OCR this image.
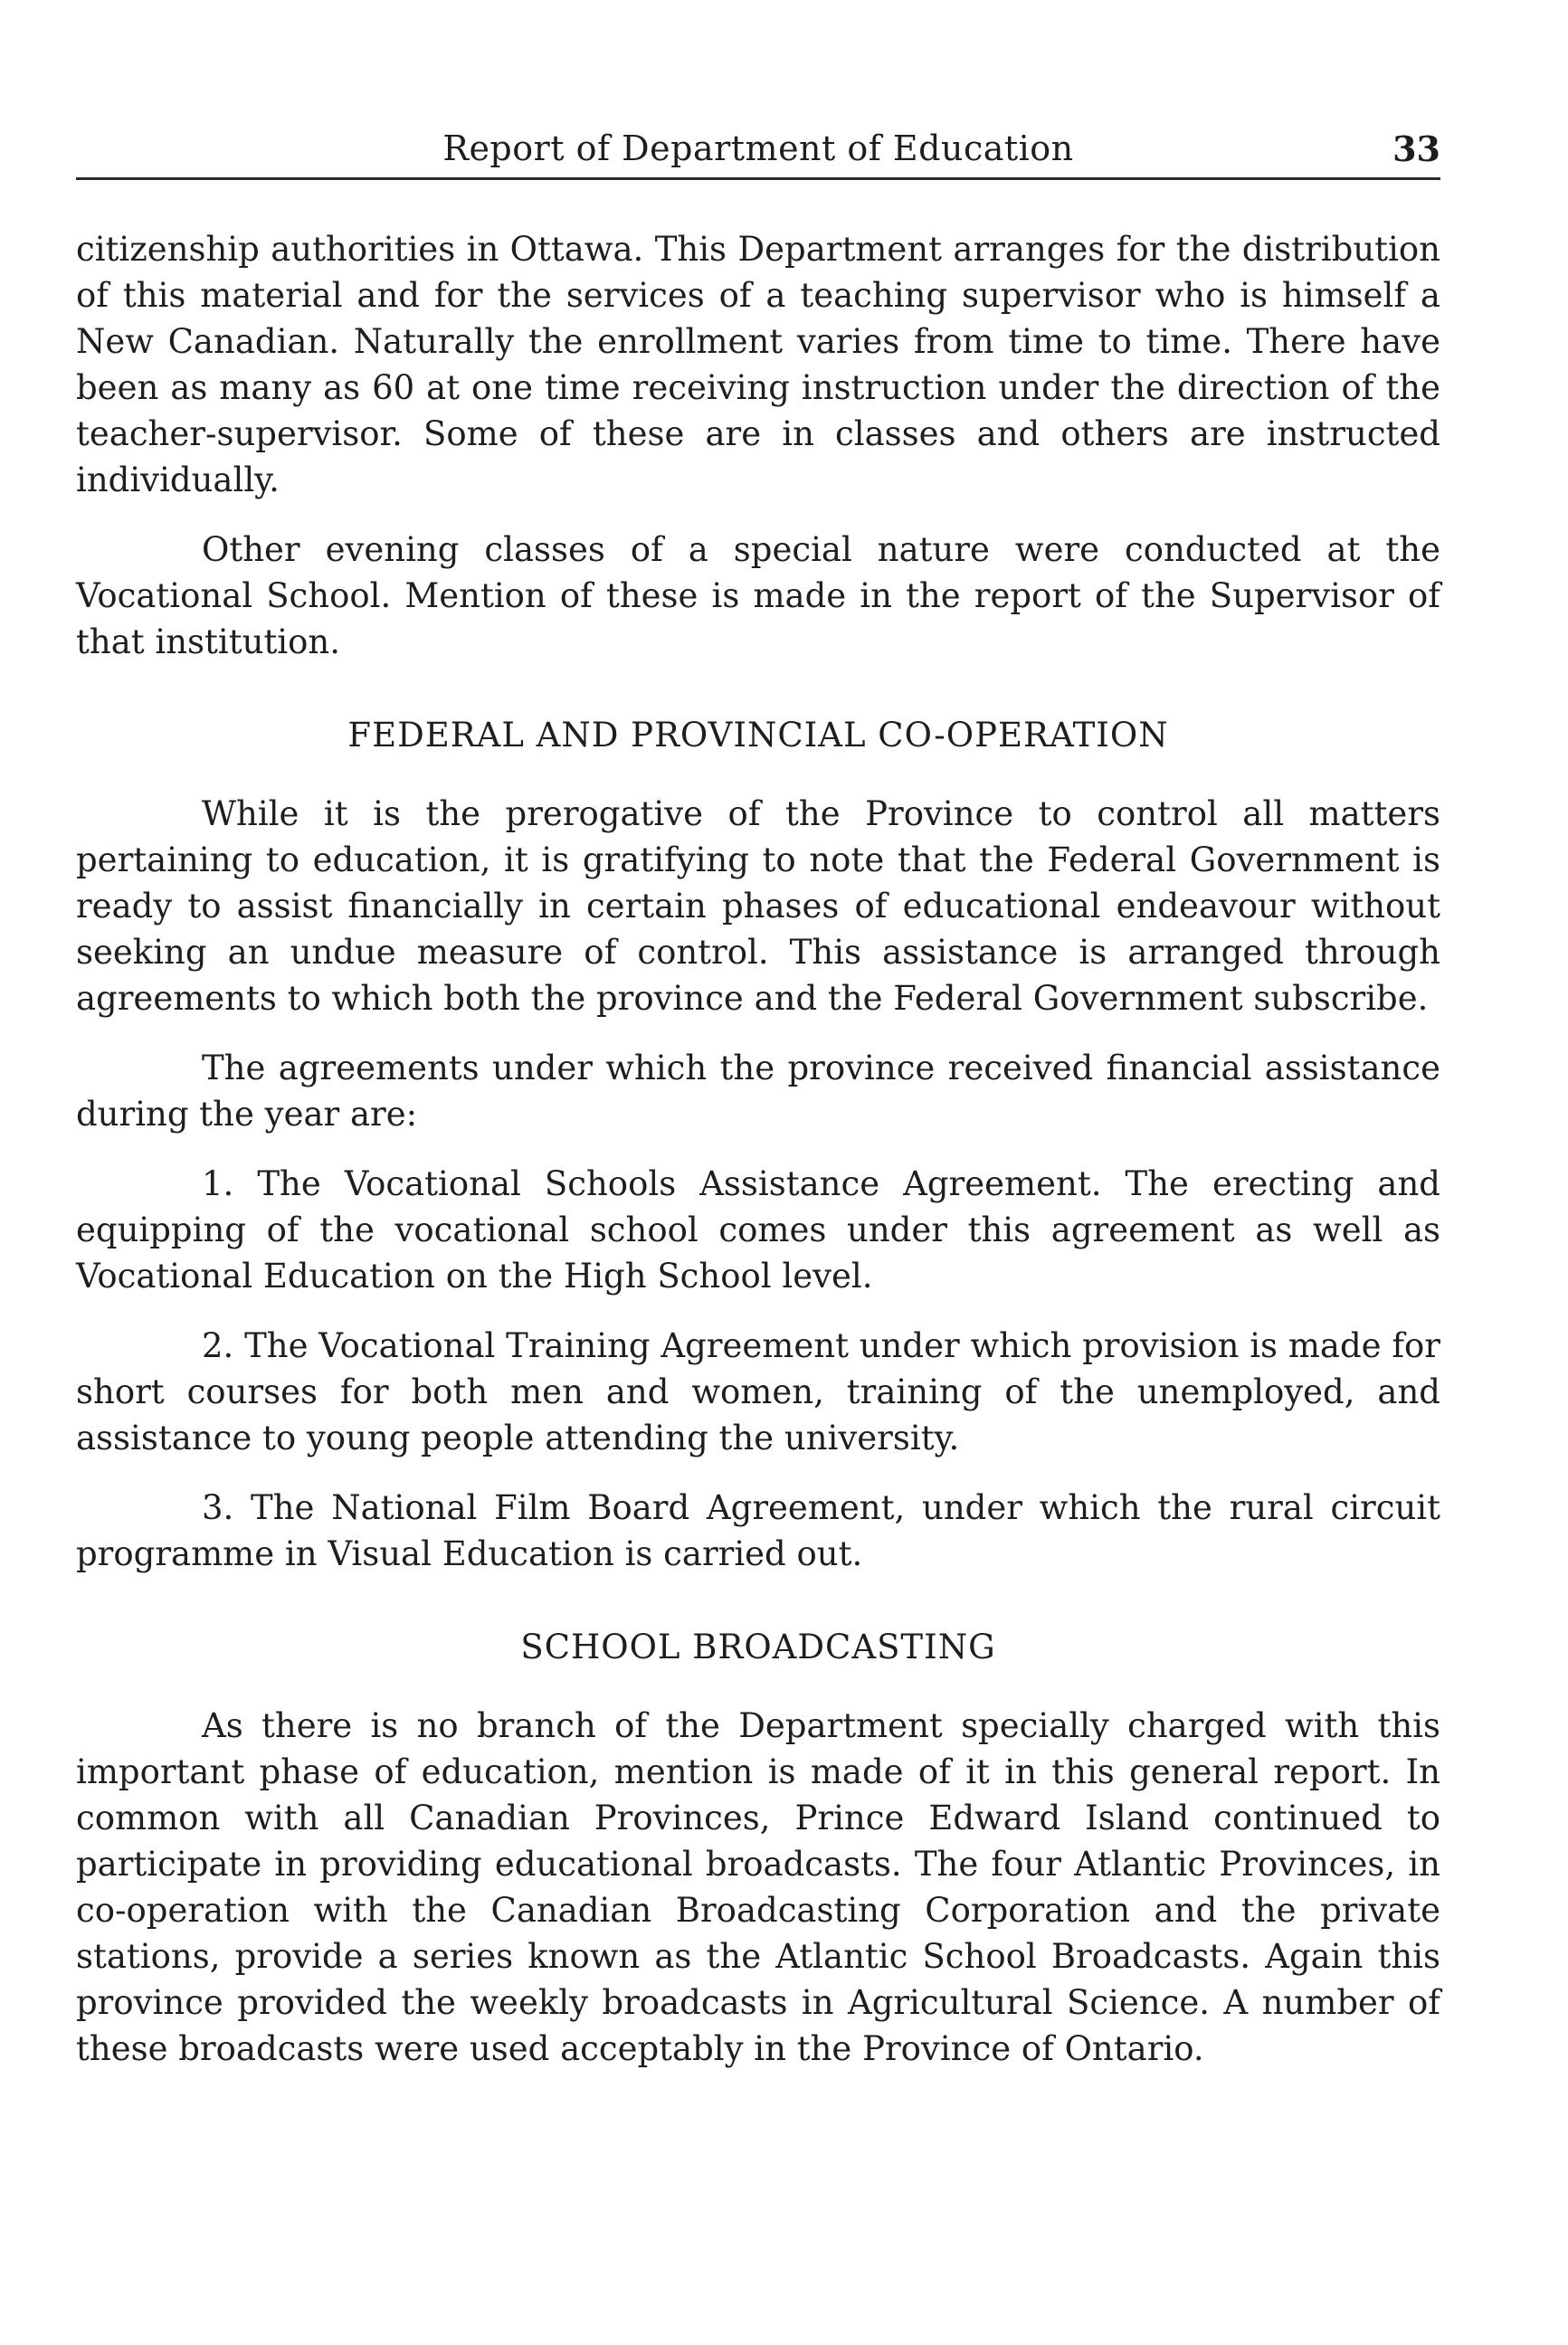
Report of Department of Education	33

citizenship authorities in Ottawa. This Department arranges for the distribution of this material and for the services of a teaching supervisor who is himself a New Canadian. Naturally the enrollment varies from time to time. There have been as many as 60 at one time receiving instruction under the direction of the teacher-supervisor. Some of these are in classes and others are instructed individually.

Other evening classes of a special nature were conducted at the Vocational School. Mention of these is made in the report of the Supervisor of that institution.

FEDERAL AND PROVINCIAL CO-OPERATION

While it is the prerogative of the Province to control all matters pertaining to education, it is gratifying to note that the Federal Government is ready to assist financially in certain phases of educational endeavour without seeking an undue measure of control. This assistance is arranged through agreements to which both the province and the Federal Government subscribe.

The agreements under which the province received financial assistance during the year are:

1. The Vocational Schools Assistance Agreement. The erecting and equipping of the vocational school comes under this agreement as well as Vocational Education on the High School level.

2. The Vocational Training Agreement under which provision is made for short courses for both men and women, training of the unemployed, and assistance to young people attending the university.

3. The National Film Board Agreement, under which the rural circuit programme in Visual Education is carried out.

SCHOOL BROADCASTING

As there is no branch of the Department specially charged with this important phase of education, mention is made of it in this general report. In common with all Canadian Provinces, Prince Edward Island continued to participate in providing educational broadcasts. The four Atlantic Provinces, in co-operation with the Canadian Broadcasting Corporation and the private stations, provide a series known as the Atlantic School Broadcasts. Again this province provided the weekly broadcasts in Agricultural Science. A number of these broadcasts were used acceptably in the Province of Ontario.
